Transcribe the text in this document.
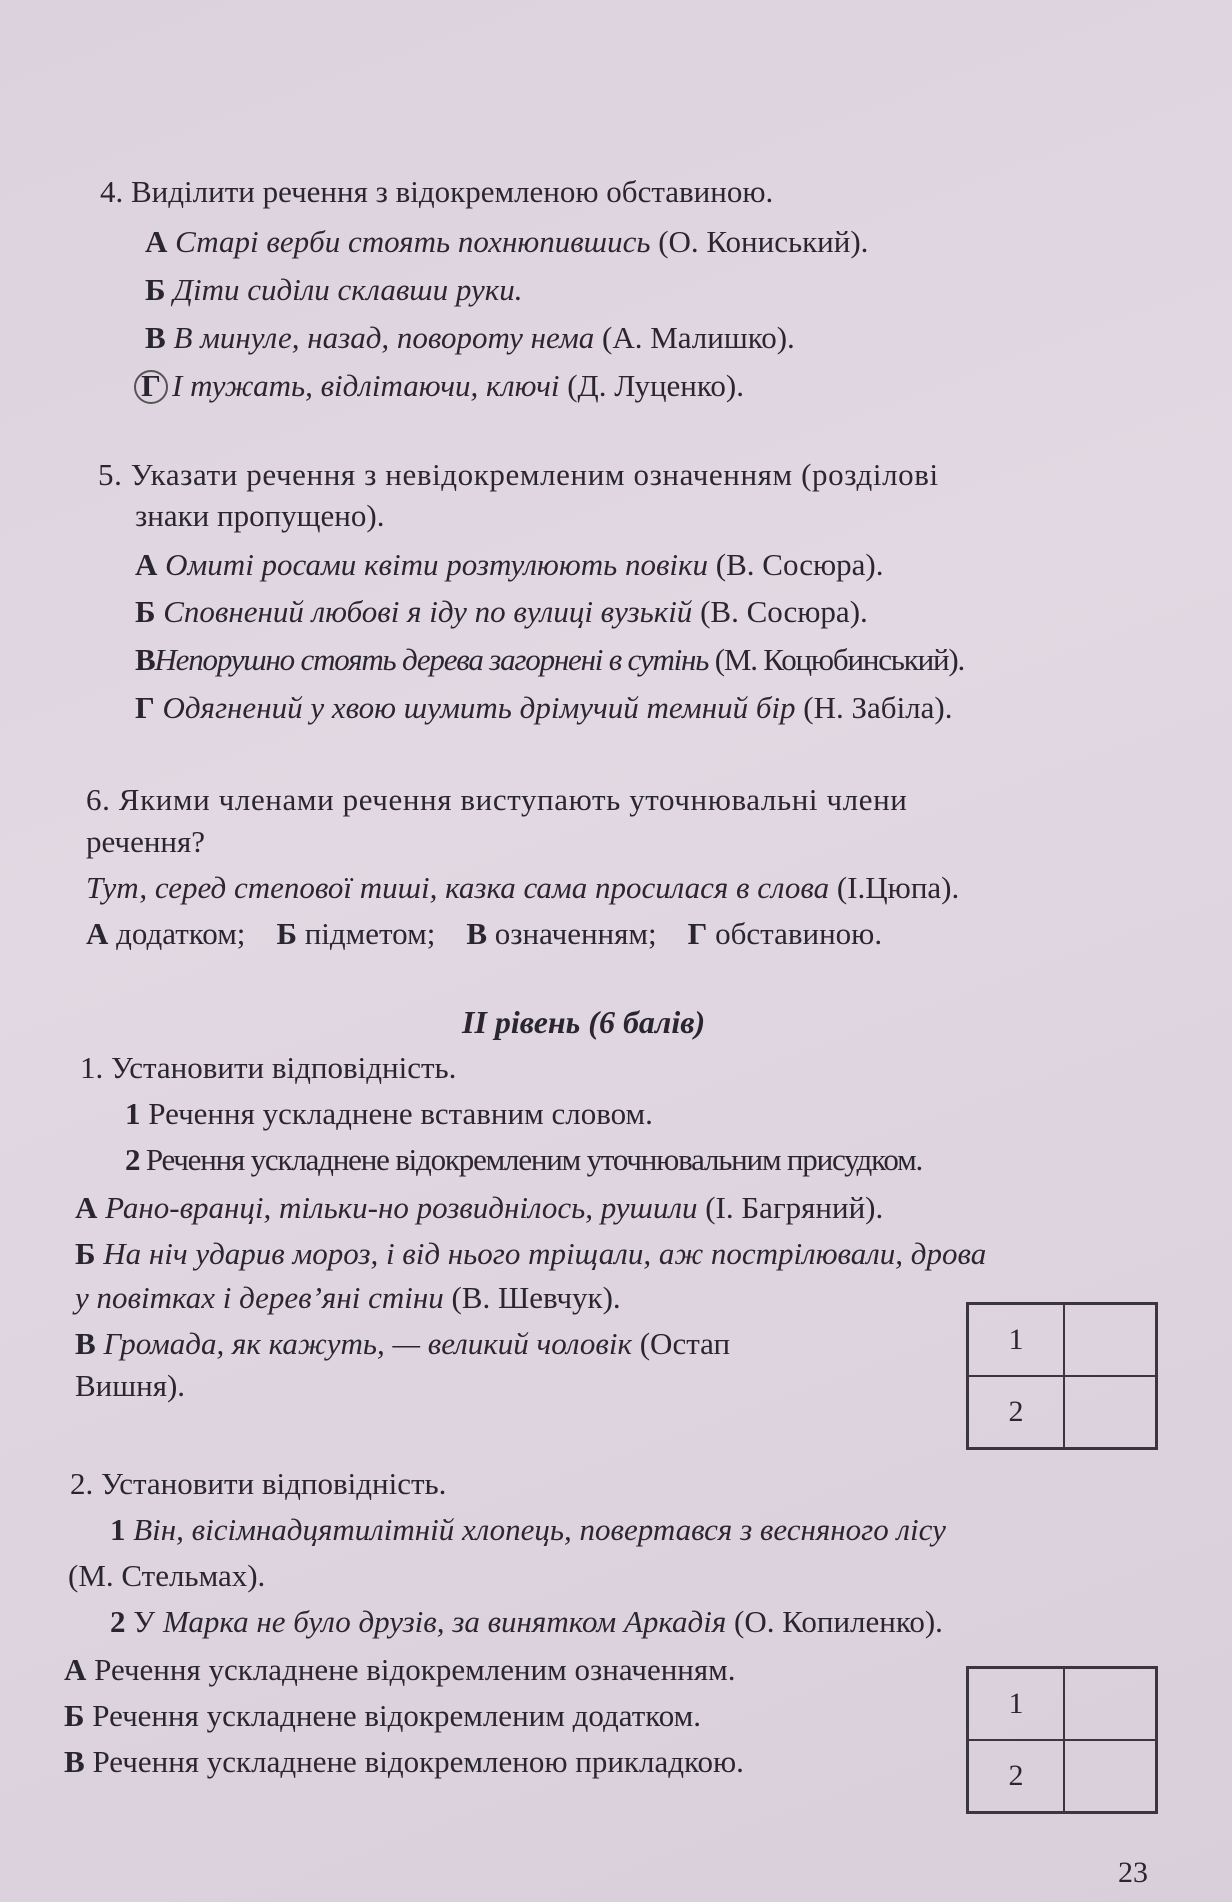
4. Виділити речення з відокремленою обставиною.
А Старі верби стоять похнюпившись (О. Кониський).
Б Діти сиділи склавши руки.
В В минуле, назад, повороту нема (А. Малишко).
Г І тужать, відлітаючи, ключі (Д. Луценко).
5. Указати речення з невідокремленим означенням (розділові
знаки пропущено).
А Омиті росами квіти розтулюють повіки (В. Сосюра).
Б Сповнений любові я іду по вулиці вузькій (В. Сосюра).
ВНепорушно стоять дерева загорнені в сутінь (М. Коцюбинський).
Г Одягнений у хвою шумить дрімучий темний бір (Н. Забіла).
6. Якими членами речення виступають уточнювальні члени
речення?
Тут, серед степової тиші, казка сама просилася в слова (І.Цюпа).
А додатком; Б підметом; В означенням; Г обставиною.
II рівень (6 балів)
1. Установити відповідність.
1 Речення ускладнене вставним словом.
2 Речення ускладнене відокремленим уточнювальним присудком.
А Рано-вранці, тільки-но розвиднілось, рушили (І. Багряний).
Б На ніч ударив мороз, і від нього тріщали, аж пострілювали, дрова
у повітках і дерев’яні стіни (В. Шевчук).
В Громада, як кажуть, — великий чоловік (Остап
Вишня).
1
2
2. Установити відповідність.
1 Він, вісімнадцятилітній хлопець, повертався з весняного лісу
(М. Стельмах).
2 У Марка не було друзів, за винятком Аркадія (О. Копиленко).
А Речення ускладнене відокремленим означенням.
Б Речення ускладнене відокремленим додатком.
В Речення ускладнене відокремленою прикладкою.
1
2
23
